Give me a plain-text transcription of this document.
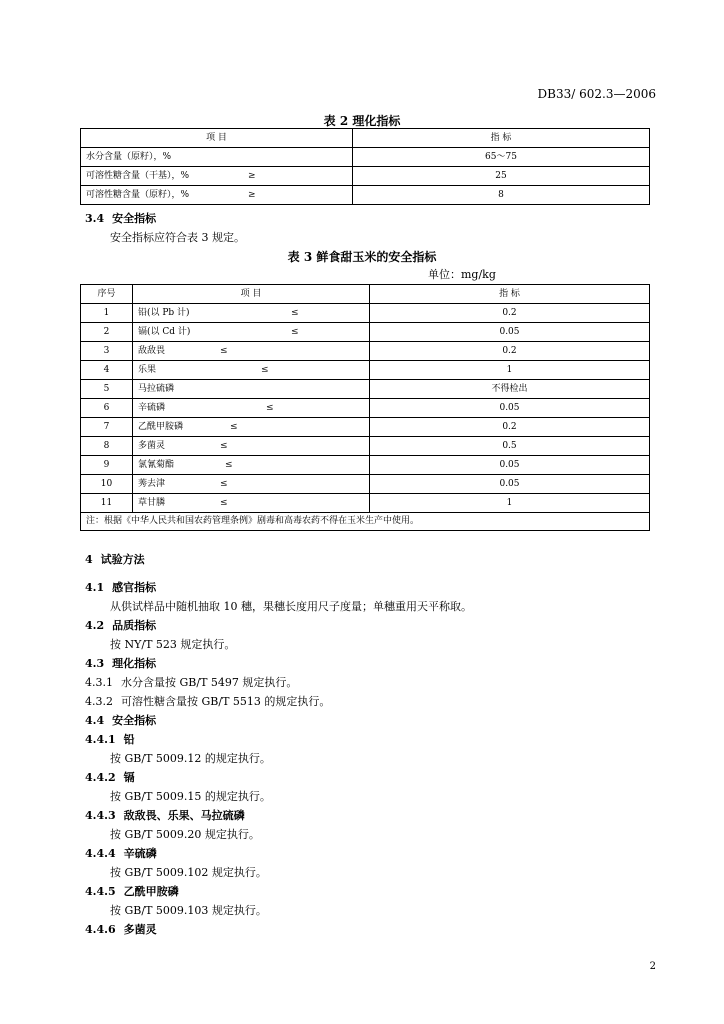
DB33/ 602.3—2006
表 2 理化指标
项 目	指 标
水分含量（原籽），%	65～75
可溶性糖含量（干基），% ≥	25
可溶性糖含量（原籽），% ≥	8
3.4 安全指标
安全指标应符合表 3 规定。
表 3 鲜食甜玉米的安全指标
单位：mg/kg
序号	项 目	指 标
1	铅(以 Pb 计) ≤	0.2
2	镉(以 Cd 计) ≤	0.05
3	敌敌畏 ≤	0.2
4	乐果 ≤	1
5	马拉硫磷	不得检出
6	辛硫磷 ≤	0.05
7	乙酰甲胺磷 ≤	0.2
8	多菌灵 ≤	0.5
9	氯氰菊酯 ≤	0.05
10	莠去津 ≤	0.05
11	草甘膦 ≤	1
注：根据《中华人民共和国农药管理条例》剧毒和高毒农药不得在玉米生产中使用。		
4 试验方法
4.1 感官指标
从供试样品中随机抽取 10 穗，果穗长度用尺子度量；单穗重用天平称取。
4.2 品质指标
按 NY/T 523 规定执行。
4.3 理化指标
4.3.1 水分含量按 GB/T 5497 规定执行。
4.3.2 可溶性糖含量按 GB/T 5513 的规定执行。
4.4 安全指标
4.4.1 铅
按 GB/T 5009.12 的规定执行。
4.4.2 镉
按 GB/T 5009.15 的规定执行。
4.4.3 敌敌畏、乐果、马拉硫磷
按 GB/T 5009.20 规定执行。
4.4.4 辛硫磷
按 GB/T 5009.102 规定执行。
4.4.5 乙酰甲胺磷
按 GB/T 5009.103 规定执行。
4.4.6 多菌灵
2
